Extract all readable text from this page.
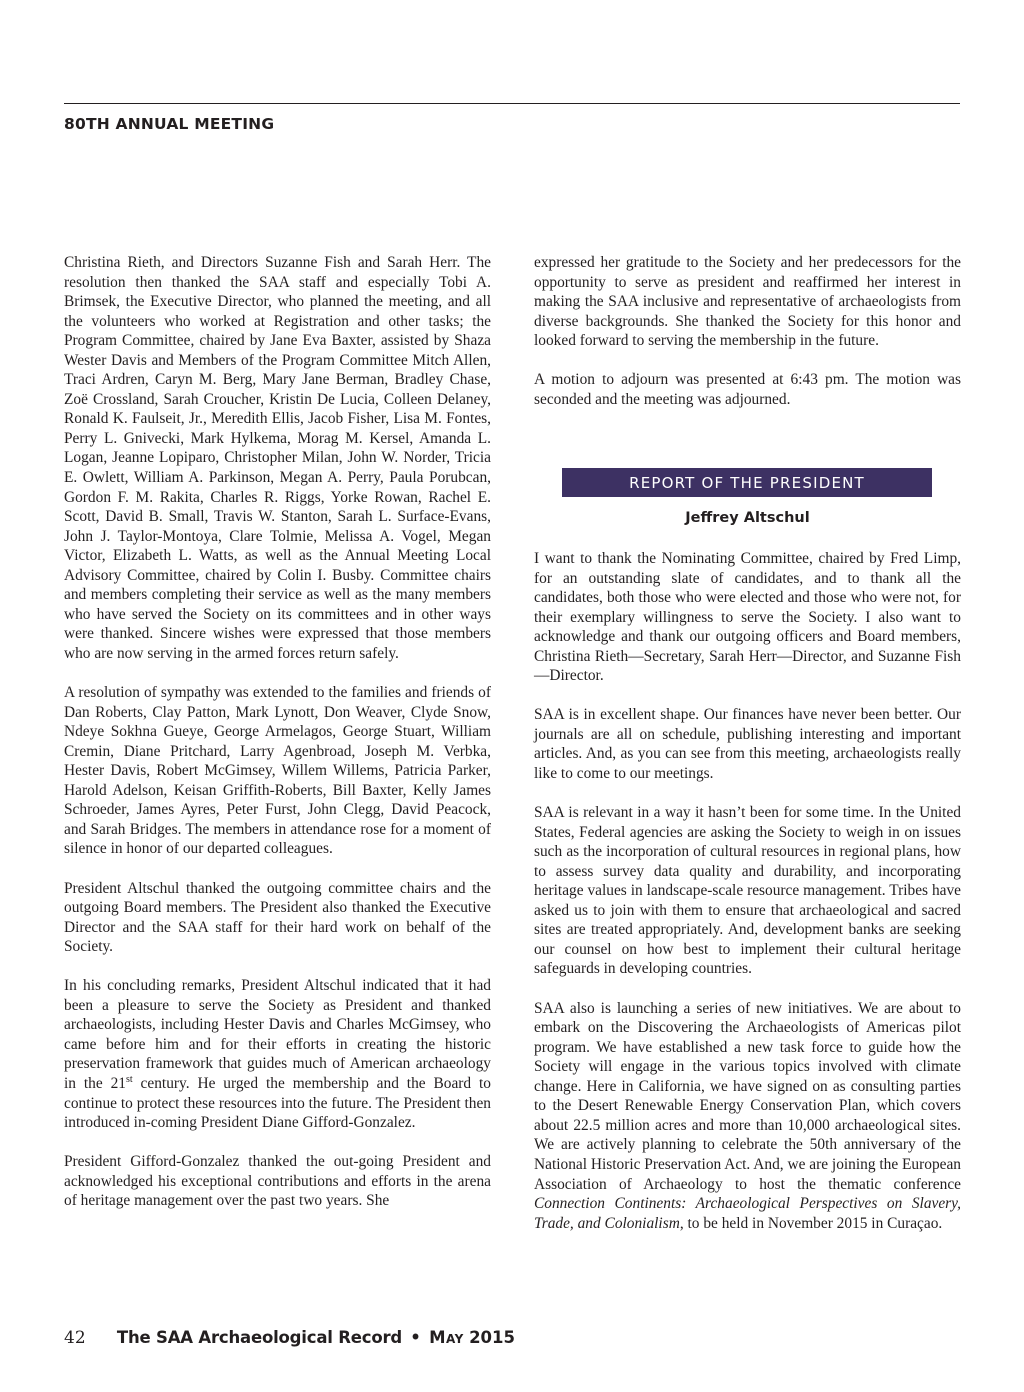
80TH ANNUAL MEETING

Christina Rieth, and Directors Suzanne Fish and Sarah Herr. The resolution then thanked the SAA staff and especially Tobi A. Brimsek, the Executive Director, who planned the meeting, and all the volunteers who worked at Registration and other tasks; the Program Committee, chaired by Jane Eva Baxter, assisted by Shaza Wester Davis and Members of the Program Committee Mitch Allen, Traci Ardren, Caryn M. Berg, Mary Jane Berman, Bradley Chase, Zoë Crossland, Sarah Croucher, Kristin De Lucia, Colleen Delaney, Ronald K. Faulseit, Jr., Meredith Ellis, Jacob Fisher, Lisa M. Fontes, Perry L. Gnivecki, Mark Hylkema, Morag M. Kersel, Amanda L. Logan, Jeanne Lopiparo, Christopher Milan, John W. Norder, Tricia E. Owlett, William A. Parkinson, Megan A. Perry, Paula Porubcan, Gordon F. M. Rakita, Charles R. Riggs, Yorke Rowan, Rachel E. Scott, David B. Small, Travis W. Stanton, Sarah L. Surface-Evans, John J. Taylor-Montoya, Clare Tolmie, Melissa A. Vogel, Megan Victor, Elizabeth L. Watts, as well as the Annual Meeting Local Advisory Committee, chaired by Colin I. Busby. Committee chairs and members completing their service as well as the many members who have served the Society on its committees and in other ways were thanked. Sincere wishes were expressed that those members who are now serving in the armed forces return safely.

A resolution of sympathy was extended to the families and friends of Dan Roberts, Clay Patton, Mark Lynott, Don Weaver, Clyde Snow, Ndeye Sokhna Gueye, George Armelagos, George Stuart, William Cremin, Diane Pritchard, Larry Agenbroad, Joseph M. Verbka, Hester Davis, Robert McGimsey, Willem Willems, Patricia Parker, Harold Adelson, Keisan Griffith-Roberts, Bill Baxter, Kelly James Schroeder, James Ayres, Peter Furst, John Clegg, David Peacock, and Sarah Bridges. The members in attendance rose for a moment of silence in honor of our departed colleagues.

President Altschul thanked the outgoing committee chairs and the outgoing Board members. The President also thanked the Executive Director and the SAA staff for their hard work on behalf of the Society.

In his concluding remarks, President Altschul indicated that it had been a pleasure to serve the Society as President and thanked archaeologists, including Hester Davis and Charles McGimsey, who came before him and for their efforts in creating the historic preservation framework that guides much of American archaeology in the 21st century. He urged the membership and the Board to continue to protect these resources into the future. The President then introduced in-coming President Diane Gifford-Gonzalez.

President Gifford-Gonzalez thanked the out-going President and acknowledged his exceptional contributions and efforts in the arena of heritage management over the past two years. She

expressed her gratitude to the Society and her predecessors for the opportunity to serve as president and reaffirmed her interest in making the SAA inclusive and representative of archaeologists from diverse backgrounds. She thanked the Society for this honor and looked forward to serving the membership in the future.

A motion to adjourn was presented at 6:43 pm. The motion was seconded and the meeting was adjourned.

REPORT OF THE PRESIDENT
Jeffrey Altschul

I want to thank the Nominating Committee, chaired by Fred Limp, for an outstanding slate of candidates, and to thank all the candidates, both those who were elected and those who were not, for their exemplary willingness to serve the Society. I also want to acknowledge and thank our outgoing officers and Board members, Christina Rieth—Secretary, Sarah Herr—Director, and Suzanne Fish—Director.

SAA is in excellent shape. Our finances have never been better. Our journals are all on schedule, publishing interesting and important articles. And, as you can see from this meeting, archaeologists really like to come to our meetings.

SAA is relevant in a way it hasn’t been for some time. In the United States, Federal agencies are asking the Society to weigh in on issues such as the incorporation of cultural resources in regional plans, how to assess survey data quality and durability, and incorporating heritage values in landscape-scale resource management. Tribes have asked us to join with them to ensure that archaeological and sacred sites are treated appropriately. And, development banks are seeking our counsel on how best to implement their cultural heritage safeguards in developing countries.

SAA also is launching a series of new initiatives. We are about to embark on the Discovering the Archaeologists of Americas pilot program. We have established a new task force to guide how the Society will engage in the various topics involved with climate change. Here in California, we have signed on as consulting parties to the Desert Renewable Energy Conservation Plan, which covers about 22.5 million acres and more than 10,000 archaeological sites. We are actively planning to celebrate the 50th anniversary of the National Historic Preservation Act. And, we are joining the European Association of Archaeology to host the thematic conference Connection Continents: Archaeological Perspectives on Slavery, Trade, and Colonialism, to be held in November 2015 in Curaçao.

42 The SAA Archaeological Record • May 2015
